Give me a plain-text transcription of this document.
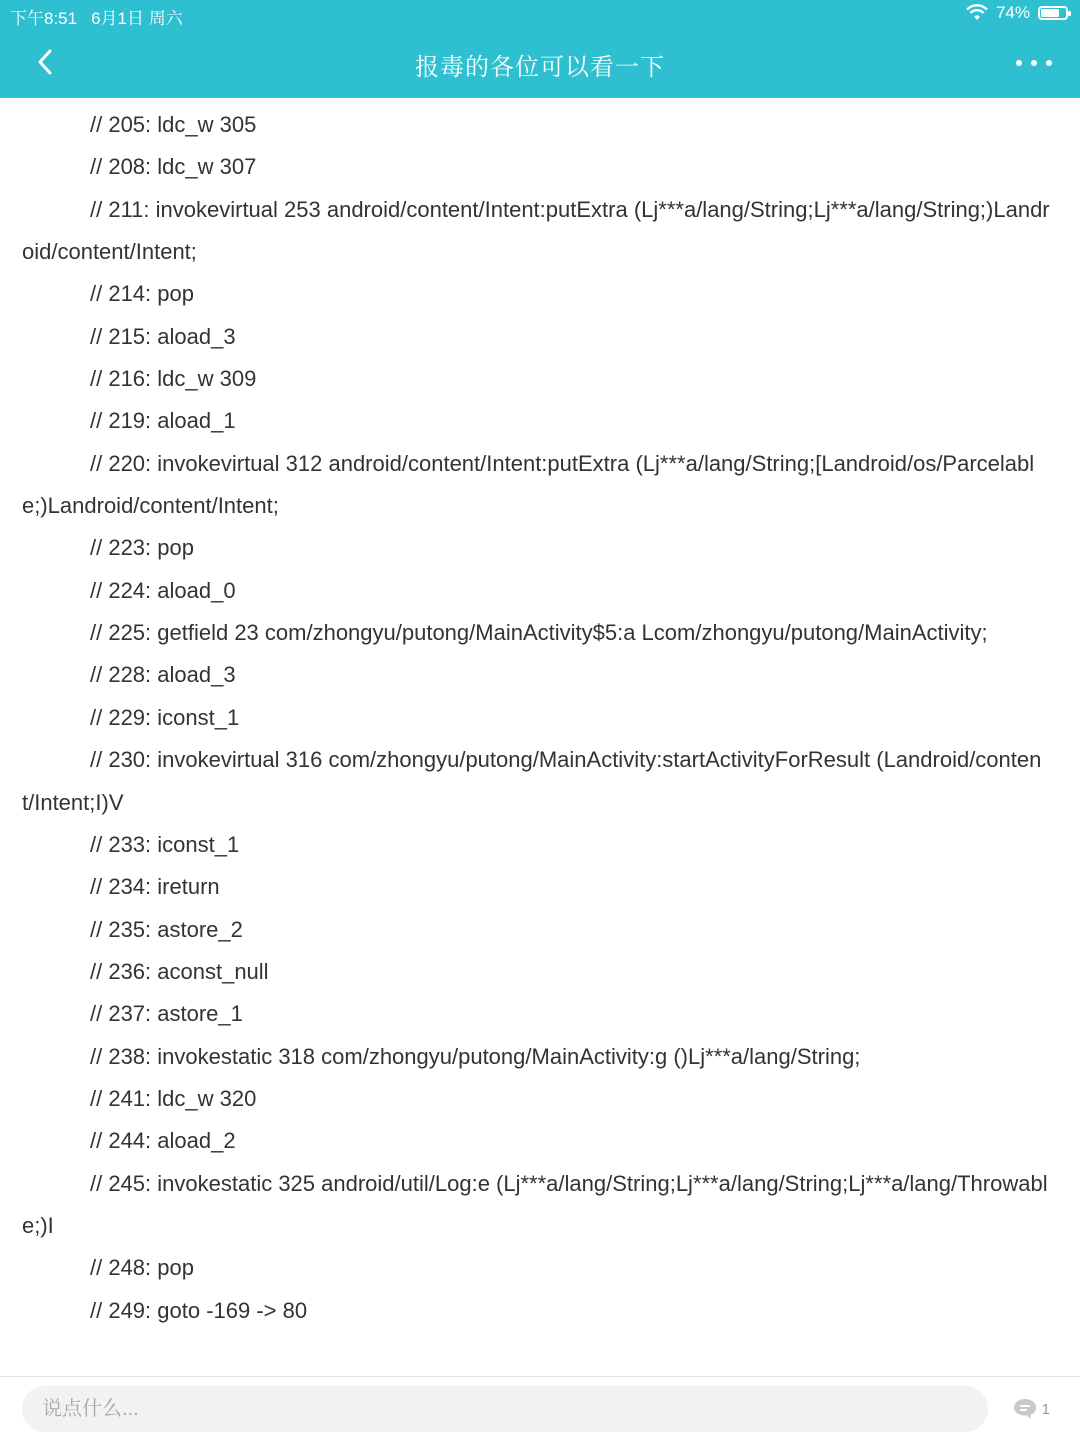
下午8:51 6月1日 周六	74%
报毒的各位可以看一下
// 205: ldc_w 305
// 208: ldc_w 307
// 211: invokevirtual 253 android/content/Intent:putExtra (Lj***a/lang/String;Lj***a/lang/String;)Landroid/content/Intent;
// 214: pop
// 215: aload_3
// 216: ldc_w 309
// 219: aload_1
// 220: invokevirtual 312 android/content/Intent:putExtra (Lj***a/lang/String;[Landroid/os/Parcelable;)Landroid/content/Intent;
// 223: pop
// 224: aload_0
// 225: getfield 23 com/zhongyu/putong/MainActivity$5:a Lcom/zhongyu/putong/MainActivity;
// 228: aload_3
// 229: iconst_1
// 230: invokevirtual 316 com/zhongyu/putong/MainActivity:startActivityForResult (Landroid/content/Intent;I)V
// 233: iconst_1
// 234: ireturn
// 235: astore_2
// 236: aconst_null
// 237: astore_1
// 238: invokestatic 318 com/zhongyu/putong/MainActivity:g ()Lj***a/lang/String;
// 241: ldc_w 320
// 244: aload_2
// 245: invokestatic 325 android/util/Log:e (Lj***a/lang/String;Lj***a/lang/String;Lj***a/lang/Throwable;)I
// 248: pop
// 249: goto -169 -> 80
说点什么...
1
